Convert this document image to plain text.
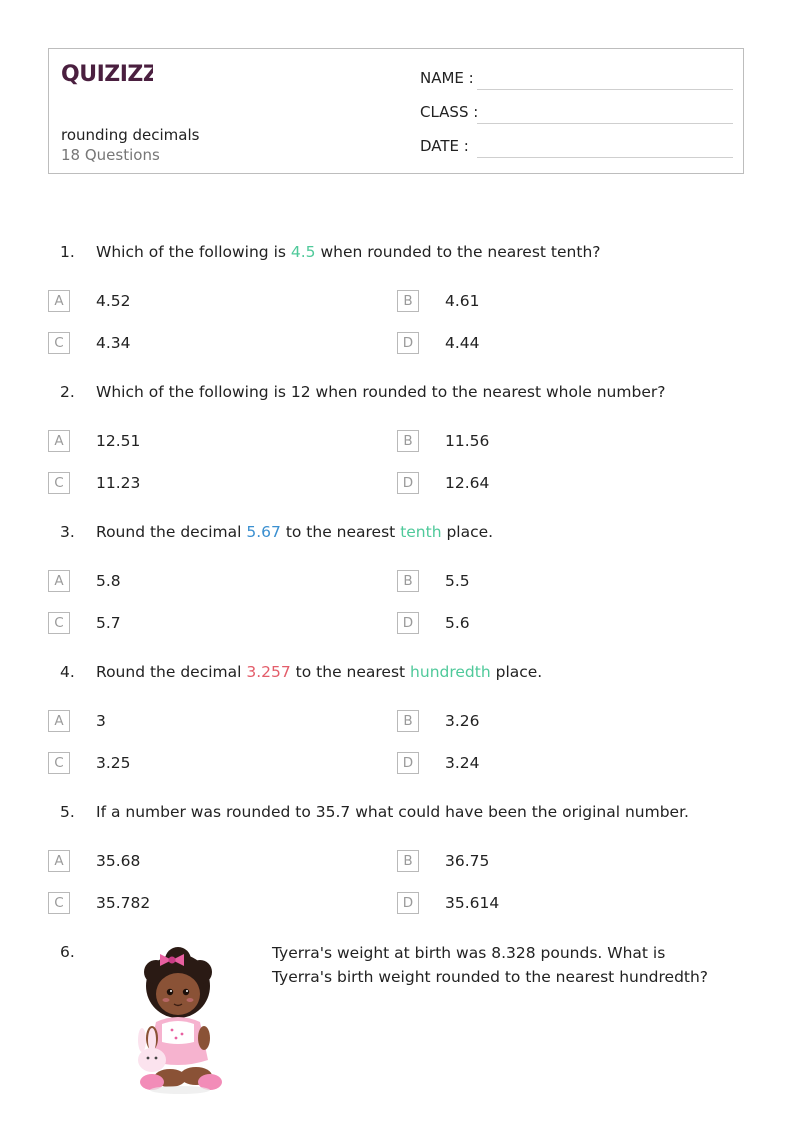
QUIZIZZ
rounding decimals
18 Questions
NAME :
CLASS :
DATE :
1. Which of the following is 4.5 when rounded to the nearest tenth?
A	4.52	B	4.61
C	4.34	D	4.44
2. Which of the following is 12 when rounded to the nearest whole number?
A	12.51	B	11.56
C	11.23	D	12.64
3. Round the decimal 5.67 to the nearest tenth place.
A	5.8	B	5.5
C	5.7	D	5.6
4. Round the decimal 3.257 to the nearest hundredth place.
A	3	B	3.26
C	3.25	D	3.24
5. If a number was rounded to 35.7 what could have been the original number.
A	35.68	B	36.75
C	35.782	D	35.614
6.	Tyerra's weight at birth was 8.328 pounds. What is Tyerra's birth weight rounded to the nearest hundredth?
